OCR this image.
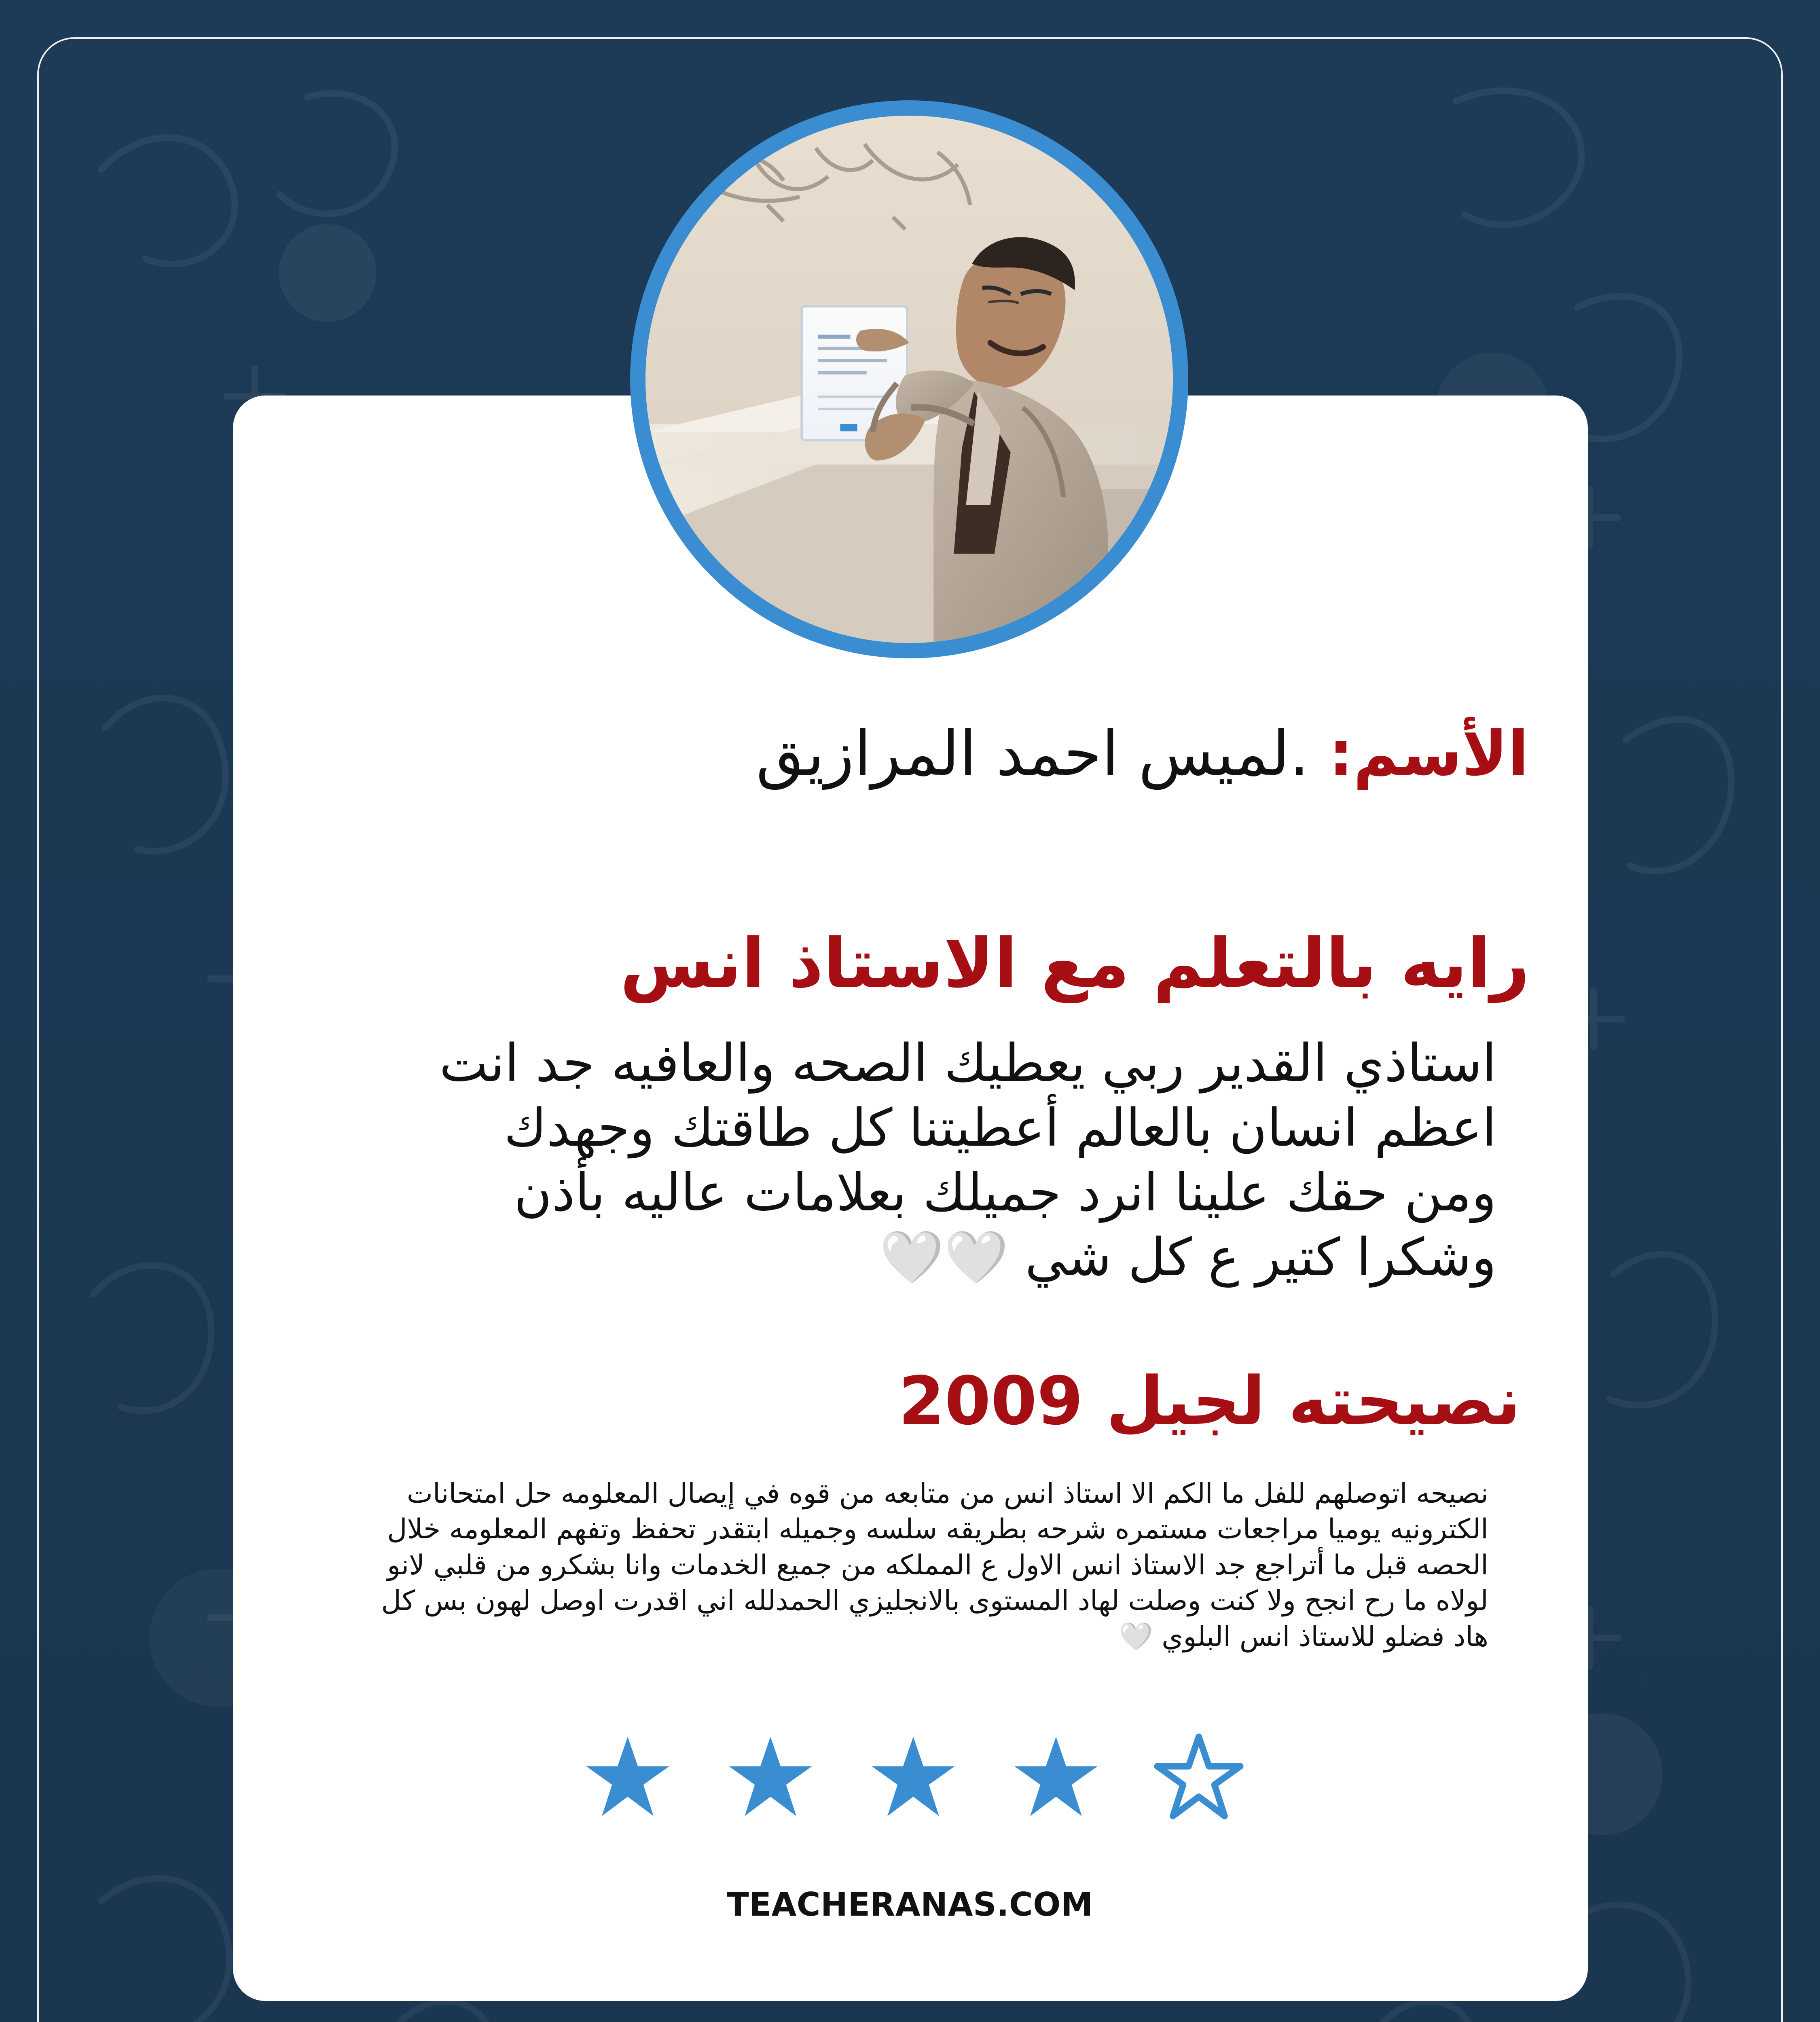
الأسم: .لميس احمد المرازيق
رايه بالتعلم مع الاستاذ انس
استاذي القدير ربي يعطيك الصحه والعافيه جد انت اعظم انسان بالعالم أعطيتنا كل طاقتك وجهدك ومن حقك علينا انرد جميلك بعلامات عاليه بأذن وشكرا كتير ع كل شي 🤍🤍
نصيحته لجيل 2009
نصيحه اتوصلهم للفل ما الكم الا استاذ انس من متابعه من قوه في إيصال المعلومه حل امتحانات الكترونيه يوميا مراجعات مستمره شرحه بطريقه سلسه وجميله ابتقدر تحفظ وتفهم المعلومه خلال الحصه قبل ما أتراجع جد الاستاذ انس الاول ع المملكه من جميع الخدمات وانا بشكرو من قلبي لانو لولاه ما رح انجح ولا كنت وصلت لهاد المستوى بالانجليزي الحمدلله اني اقدرت اوصل لهون بس كل هاد فضلو للاستاذ انس البلوي 🤍
TEACHERANAS.COM
